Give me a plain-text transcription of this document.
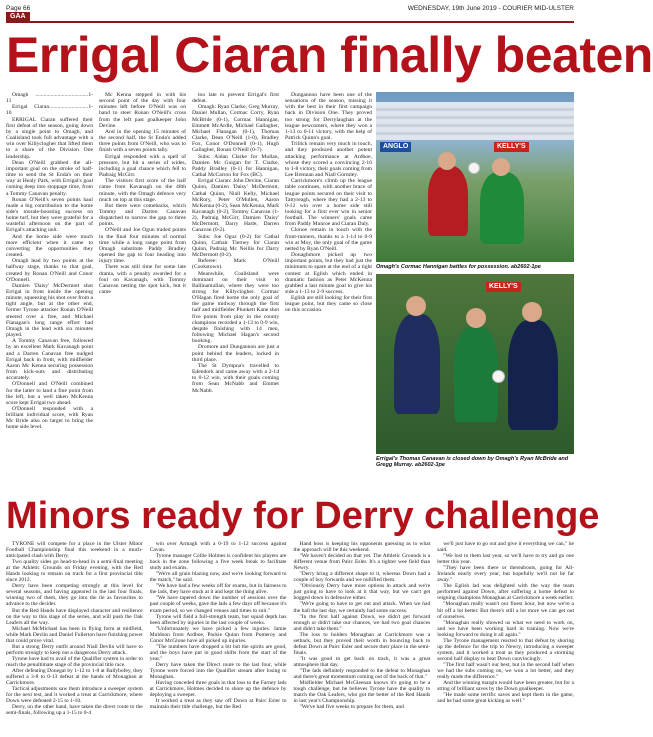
Page 66	WEDNESDAY, 19th June 2019 - COURIER MID-ULSTER
GAA
Errigal Ciaran finally beaten

Omagh ......................................1-11

Errigal Ciaran............................1-10

ERRIGAL Ciaran suffered their first defeat of the season, going down by a single point to Omagh, and Coalisland took full advantage with a win over Killyclogher that lifted them to a share of the Division One leadership.

Dean O'Neill grabbed the all-important goal on the stroke of half-time to send the St Enda's on their way at Healy Park, with Errigal's goal coming deep into stoppage time, from a Tommy Canavan penalty.

Ronan O'Neill's seven points haul made a big contribution to the home side's morale-boosting success on home turf, but they were grateful for a wasteful afternoon on the part of Errigal's attacking unit.

And the home side were much more efficient when it came to converting the opportunities they created.

Omagh lead by two points at the halfway stage, thanks to that goal, created by Ronan O'Neill and Conor O'Donnell.

Damien 'Daisy' McDermott shot Errigal in front inside the opening minute, squeezing his shot over from a tight angle, but at the other end, former Tyrone attacker Ronan O'Neill steered over a free, and Michael Flanagan's long range effort had Omagh in the lead with six minutes played.

A Tommy Canavan free, followed by an excellent Mark Kavanagh point and a Darren Canavan free nudged Errigal back in front, with midfielder Aaron Mc Kenna securing possession from kick-outs and distributing accurately.

O'Donnell and O'Neill combined for the latter to land a fine point from the left, but a well taken McKenna score kept Errigal two ahead.

O'Donnell responded with a brilliant individual score, with Ryan Mc Bride also on target to bring the home side level.

Mc Kenna stepped in with his second point of the day with four minutes left before O'Neill was on hand to steer Ronan O'Neill's cross from the left past goalkeeper John Devine.

And in the opening 15 minutes of the second half, the St Enda's added three points from O'Neill, who was to finish with a seven points tally.

Errigal responded with a spell of pressure, but hit a series of wides, including a goal chance which fell to Padraig McGirr.

The visitors first score of the half came from Kavanagh on the 48th minute, with the Omagh defence very much on top at this stage.

But there were comebacks, which Tommy and Darren Canavan dispatched to narrow the gap to three points.

O'Neill and Joe Ogun traded points in the final four minutes of normal time while a long range point from Omagh substitute Paddy Bradley opened the gap to four heading into injury time.

There was still time for some late drama, with a penalty awarded for a foul on Kavanagh, with Tommy Canavan netting the spot kick, but it came

too late to prevent Errigal's first defeat.

Omagh: Ryan Clarke, Greg Murray, Daniel Mullan, Cormac Corry, Ryan McBride (0-1), Cormac Hannigan, Emmett McArdle, Michael Gallagher, Michael Flanagan (0-1), Thomas Clarke, Dean O'Neill (1-0), Bradley Fox, Conor O'Donnell (0-1), Hugh Gallagher, Ronan O'Neill (0-7).

Subs: Aidan Clarke for Mullan, Damien Mc Guigan for T. Clarke, Paddy Bradley (0-1) for Hannigan, Cathal McCarron for Fox (BC).

Errigal Ciaran: John Devine, Ciaran Quinn, Damien 'Daisy' McDermott, Cathal Quinn, Niall Kelly, Michael McRory, Peter O'Mullen, Aaron McKenna (0-2), Sean McKenna, Mark Kavanagh (0-2), Tommy Canavan (1-2), Padraig McGirr, Damien 'Daisy' McDermott, Darry Harte, Darren Canavan (0-2).

Subs: Joe Oguz (0-2) for Cathal Quinn, Cathair Tierney for Ciaran Quinn, Padraig Mc Neillis for Darry McDermott (0-2).

Referee: Mark O'Neill (Cookstown).

Meanwhile, Coalisland were dominant on their visit to Ballinamullan, where they were too strong for Killyclogher. Cormac O'Hagan fired home the only goal of the game midway through the first half and midfielder Plunkett Kane shot five points from play in the county champions recorded a 1-13 to 0-9 win, despite finishing with 14 men, following Michael Hagan's second booking.

Dromore and Dungannon are just a point behind the leaders, locked in third place.

The St Dympna's travelled to Edendork and came away with a 2-14 to 0-12 win, with their goals coming from Sean McNabb and Emmet McNabb.

Dungannon have been one of the sensations of the season, missing it with the best in their first campaign back in Division One. They proved too strong for Derrylaughan at the league newcomers, where they won a 1-13 to 0-11 victory, with the help of Patrick Quinn's goal.

Trillick remain very much in touch, and they produced another potent attacking performance at Ardboe, whose they scored a convincing 2-16 to 1-8 victory, their goals coming from Lee Brennan and Niall Gormley.

Carrickmore's climb up the league table continues, with another brace of league points secured on their visit to Tattyreagh, where they had a 2-13 to 0-12 win over a home side still looking for a first ever win in senior football. The winners' goals came from Paddy Munroe and Ciaran Daly.

Clonoe remain in touch with the front-runners, thanks to a 1-14 to 0-9 win at Moy, the only goal of the game netted by Ryan O'Neill.

Donaghmore picked up two important points, but they had just the minimum to spare at the end of a tight contest at Eglish which ended in dramatic fashion as Peter McKenna grabbed a last minute goal to give his side a 1-13 to 2-9 success.

Eglish are still looking for their first league point, but they came so close on this occasion.

ANGLO	KELLY'S
Omagh's Cormac Hannigan battles for possession. ab2602-1pe
KELLY'S
Errigal's Thomas Canavan is closed down by Omagh's Ryan McBride and Gregg Murray. ab2602-3pe
Minors ready for Derry challenge

TYRONE will compete for a place in the Ulster Minor Football Championship final this weekend in a much-anticipated clash with Derry.

Two quality sides go head-to-head in a semi-final meeting at the Athletic Grounds on Friday evening, with the Red Hands looking to remain on track for a first provincial title since 2012.

Derry have been competing strongly at this level for several seasons, and having appeared in the last four finals, winning two of them, they go into the tie as favourites to advance to the decider.

But the Red Hands have displayed character and resilience on the way to this stage of the series, and will push the Oak Leafers all the way.

Michael McMichael has been in flying form at midfield, while Mark Devlin and Daniel Fullerton have finishing power that could prove vital.

But a strong Derry outfit around Niall Devlin will have to perform strongly to keep out a dangerous Derry attack.

Tyrone have had to avail of the Qualifier system in order to reach the penultimate stage of the provincial title race.

After defeating Donegal by 1-12 to 1-8 at Ballybofey, they suffered a 3-8 to 0-13 defeat at the hands of Monaghan at Carrickmore.

Tactical adjustments saw them introduce a sweeper system for the next test, and it worked a treat at Carrickmore, where Down were defeated 2-15 to 1-10.

Derry, on the other hand, have taken the direct route to the semi-finals, following up a 1-15 to 0-4

win over Armagh with a 0-19 to 1-12 success against Cavan.

Tyrone manager Collie Holmes is confident his players are back in the zone following a five week break to facilitate study and exams.

"We're all grain blazing now, and we're looking forward to the match," he said.

"We have had a few weeks off for exams, but in fairness to the lads, they have stuck at it and kept the thing alive.

"We have tapered down the number of sessions over the past couple of weeks, gave the lads a few days off because it's exam period, so we changed venues and times to suit."

Tyrone will field a full-strength team, but squad depth has been affected by injuries in the last couple of weeks.

"Unfortunately we have picked a few injuries. Jamie Muldoon from Ardboe, Packie Quinn from Pomeroy and Conor McGlone have all picked up injuries.

"The numbers have dropped a bit but the spirits are good, and the boys have put in good shifts from the start of the year."

Derry have taken the Direct route to the last four, while Tyrone were forced into the Qualifier stream after losing to Monaghan.

Having conceded three goals in that loss to the Farney lads at Carrickmore, Holmes decided to shore up the defence by deploying a sweeper.

It worked a treat as they saw off Down at Pairc Esler to maintain their title challenge, but the Red

Hand boss is keeping his opponents guessing as to what the approach will be this weekend.

"We haven't decided on that yet. The Athletic Grounds is a different venue from Pairc Esler. It's a tighter wee field than Newry.

"Derry bring a different shape to it, whereas Down had a couple of boy forwards and we nullified them.

"Obviously Derry have more options in attack and we're just going to have to look at it that way, but we can't get bogged down in defensive either.

"We're going to have to get out and attack. When we had the ball the last day, we certainly had some success.

"In the first half against Down, we didn't get forward enough or didn't take our chances, we had two goal chances and didn't take them."

The loss to holders Monaghan at Carrickmore was a setback, but they proved their worth in bouncing back to defeat Down at Pairc Esler and secure their place in the semi-finals.

"It was good to get back on track, it was a great atmosphere that day.

"The lads definitely responded to the defeat to Monaghan and there's great momentum coming out of the back of that."

Midfielder Michael McGleenan knows it's going to be a tough challenge, but he believes Tyrone have the quality to match the Oak Leafers, who got the better of the Red Hands in last year's Championship.

"We've had five weeks to prepare for them, and

we'll just have to go out and give it everything we can," he said.

"We lost to them last year, so we'll have to try and go one better this year.

"They have been there or thereabouts, going for All-Irelands nearly every year, but hopefully we'll not be far away."

The Eglish lad was delighted with the way the team performed against Down, after suffering a home defeat to reigning champions Monaghan at Carrickmore a week earlier.

"Monaghan really wasn't our finest hour, but now we're a bit off a lot better. But there's still a lot more we can get out of ourselves.

"Monaghan really showed us what we need to work on, and we have been working hard in training. Now we're looking forward to doing it all again."

The Tyrone management reacted to that defeat by shoring up the defence for the trip to Newry, introducing a sweeper system, and it worked a treat as they produced a storming second half display to beat Down convincingly.

"The first half wasn't our best, but in the second half when we had the subs coming on, we won a lot better, and they really made the difference."

And the winning margin would have been greater, but for a string of brilliant saves by the Down goalkeeper.

"He made some terrific saves and kept them in the game, and he had some great kicking as well."
